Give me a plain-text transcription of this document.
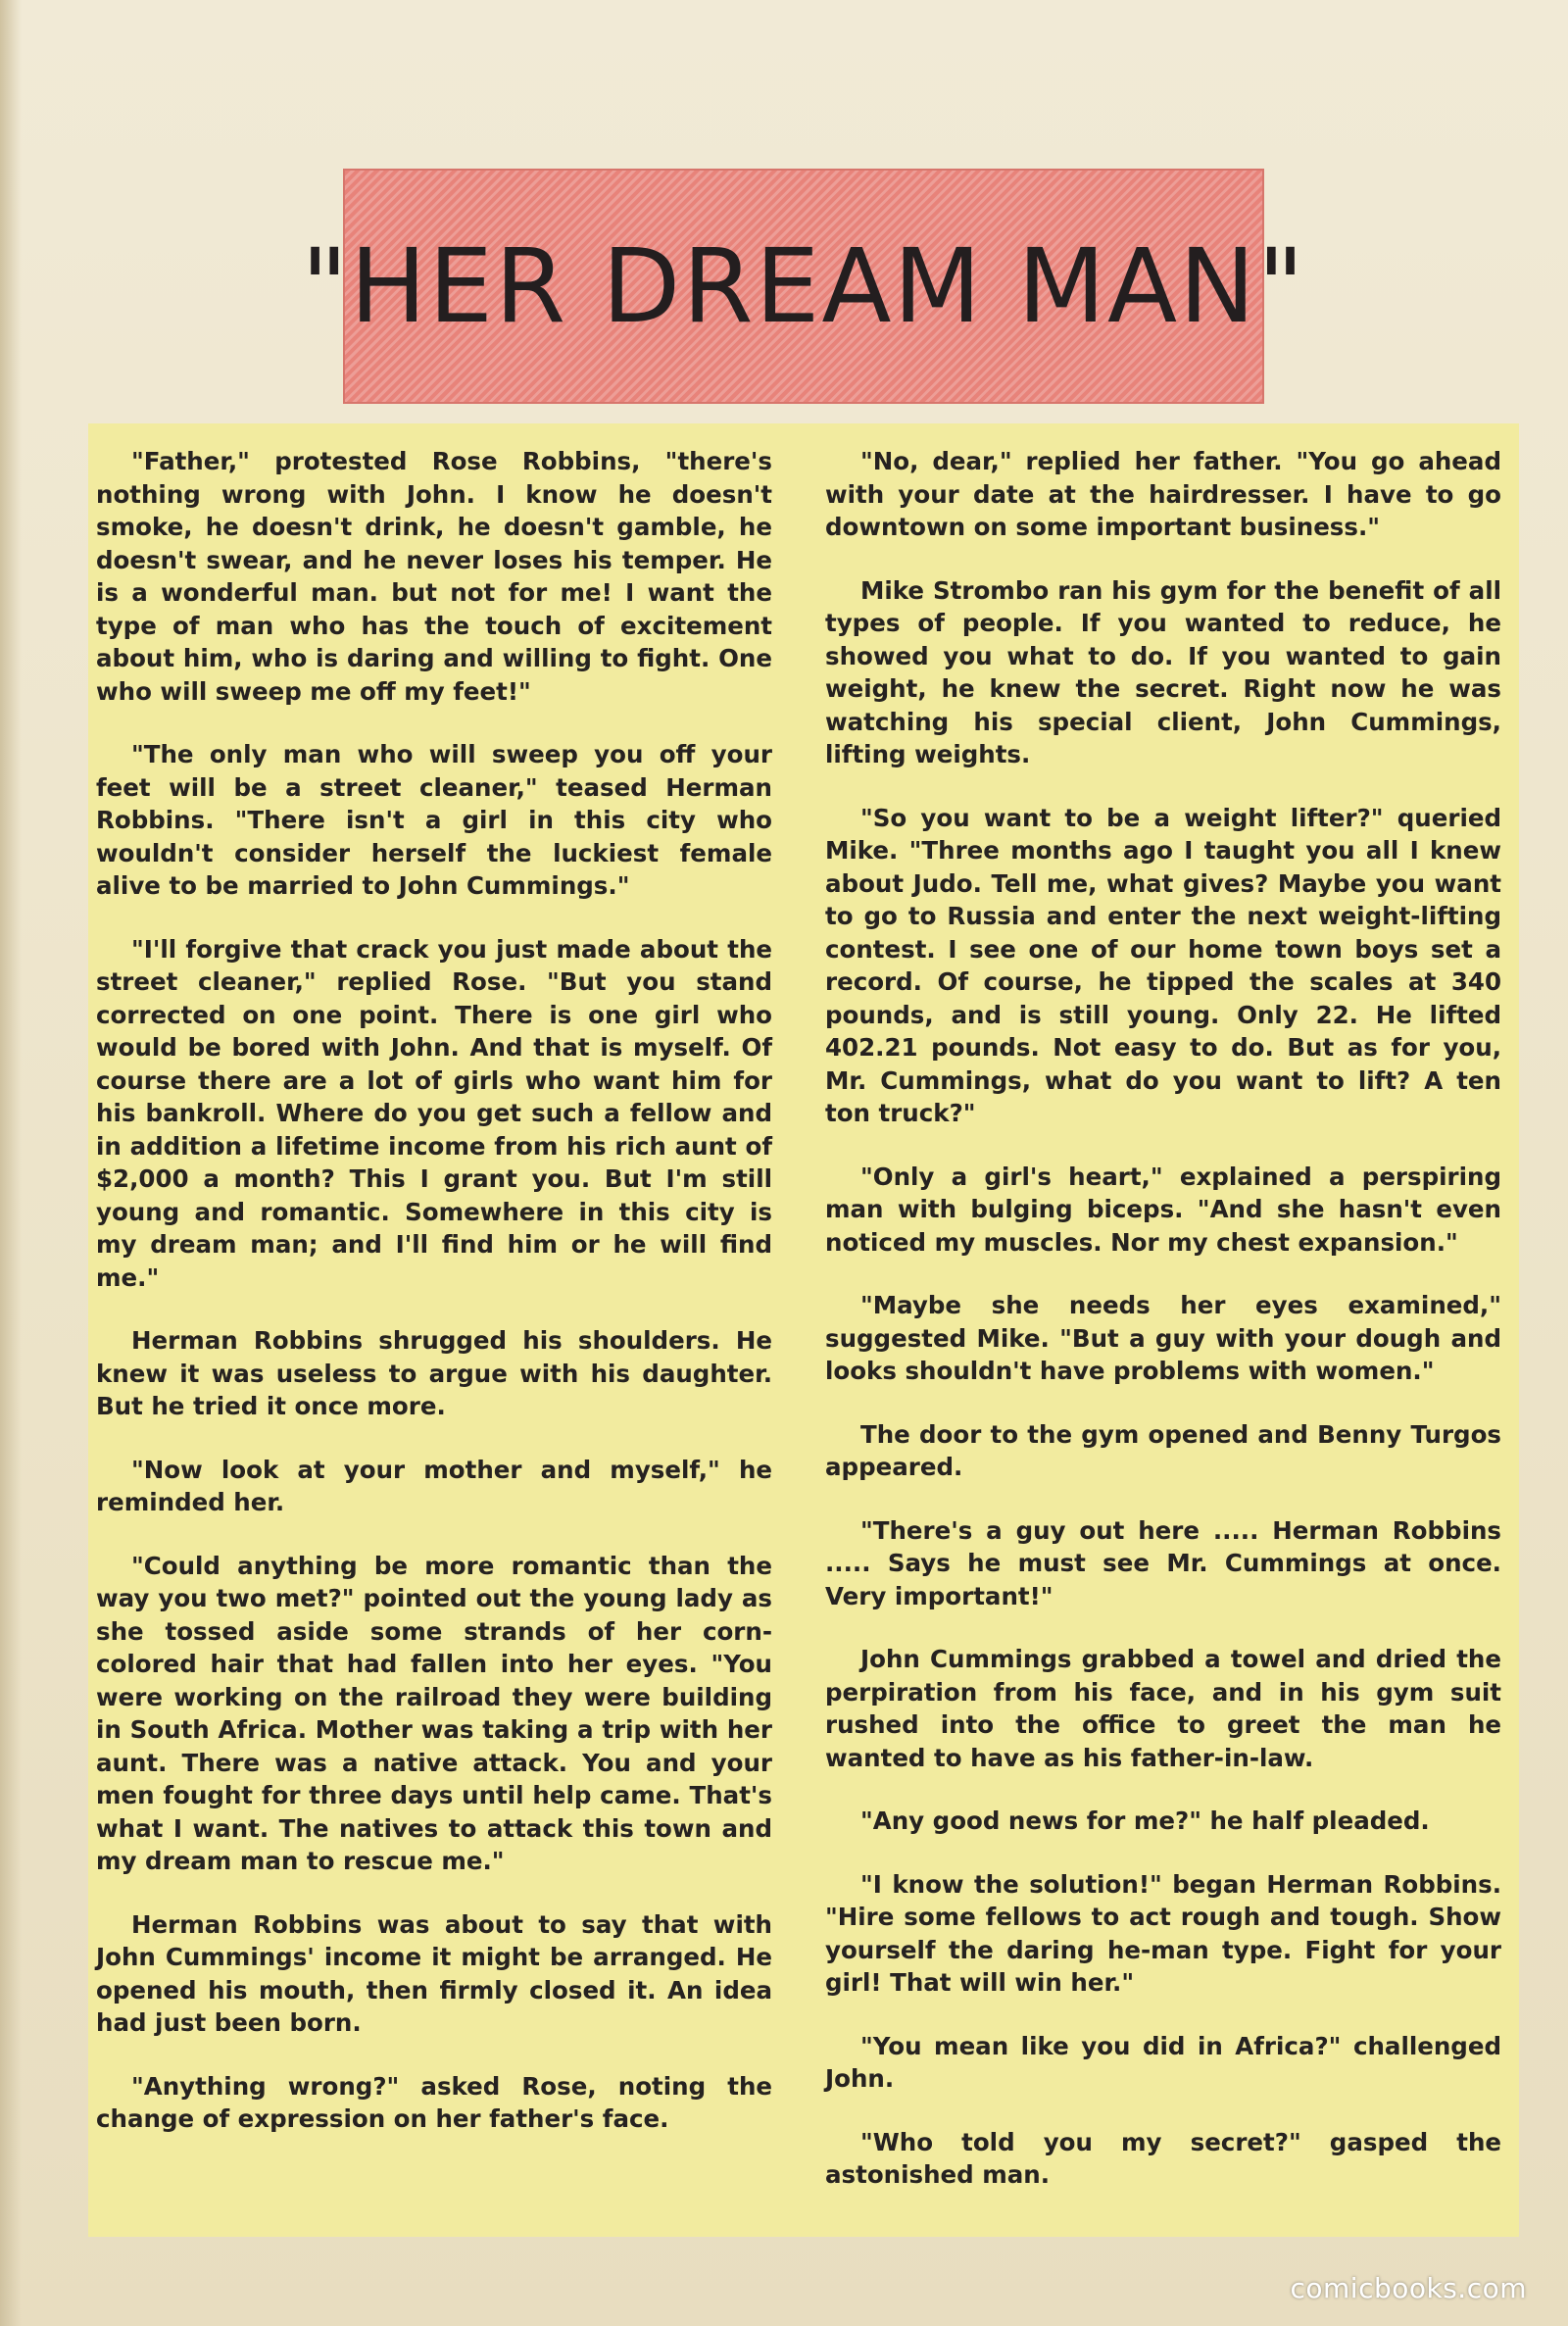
"HER DREAM MAN"

"Father," protested Rose Robbins, "there's nothing wrong with John. I know he doesn't smoke, he doesn't drink, he doesn't gamble, he doesn't swear, and he never loses his temper. He is a wonderful man. but not for me! I want the type of man who has the touch of excitement about him, who is daring and willing to fight. One who will sweep me off my feet!"

"The only man who will sweep you off your feet will be a street cleaner," teased Herman Robbins. "There isn't a girl in this city who wouldn't consider herself the luckiest female alive to be married to John Cummings."

"I'll forgive that crack you just made about the street cleaner," replied Rose. "But you stand corrected on one point. There is one girl who would be bored with John. And that is myself. Of course there are a lot of girls who want him for his bankroll. Where do you get such a fellow and in addition a lifetime income from his rich aunt of $2,000 a month? This I grant you. But I'm still young and romantic. Somewhere in this city is my dream man; and I'll find him or he will find me."

Herman Robbins shrugged his shoulders. He knew it was useless to argue with his daughter. But he tried it once more.

"Now look at your mother and myself," he reminded her.

"Could anything be more romantic than the way you two met?" pointed out the young lady as she tossed aside some strands of her corn-colored hair that had fallen into her eyes. "You were working on the railroad they were building in South Africa. Mother was taking a trip with her aunt. There was a native attack. You and your men fought for three days until help came. That's what I want. The natives to attack this town and my dream man to rescue me."

Herman Robbins was about to say that with John Cummings' income it might be arranged. He opened his mouth, then firmly closed it. An idea had just been born.

"Anything wrong?" asked Rose, noting the change of expression on her father's face.

"No, dear," replied her father. "You go ahead with your date at the hairdresser. I have to go downtown on some important business."

Mike Strombo ran his gym for the benefit of all types of people. If you wanted to reduce, he showed you what to do. If you wanted to gain weight, he knew the secret. Right now he was watching his special client, John Cummings, lifting weights.

"So you want to be a weight lifter?" queried Mike. "Three months ago I taught you all I knew about Judo. Tell me, what gives? Maybe you want to go to Russia and enter the next weight-lifting contest. I see one of our home town boys set a record. Of course, he tipped the scales at 340 pounds, and is still young. Only 22. He lifted 402.21 pounds. Not easy to do. But as for you, Mr. Cummings, what do you want to lift? A ten ton truck?"

"Only a girl's heart," explained a perspiring man with bulging biceps. "And she hasn't even noticed my muscles. Nor my chest expansion."

"Maybe she needs her eyes examined," suggested Mike. "But a guy with your dough and looks shouldn't have problems with women."

The door to the gym opened and Benny Turgos appeared.

"There's a guy out here ..... Herman Robbins ..... Says he must see Mr. Cummings at once. Very important!"

John Cummings grabbed a towel and dried the perpiration from his face, and in his gym suit rushed into the office to greet the man he wanted to have as his father-in-law.

"Any good news for me?" he half pleaded.

"I know the solution!" began Herman Robbins. "Hire some fellows to act rough and tough. Show yourself the daring he-man type. Fight for your girl! That will win her."

"You mean like you did in Africa?" challenged John.

"Who told you my secret?" gasped the astonished man.

comicbooks.com
